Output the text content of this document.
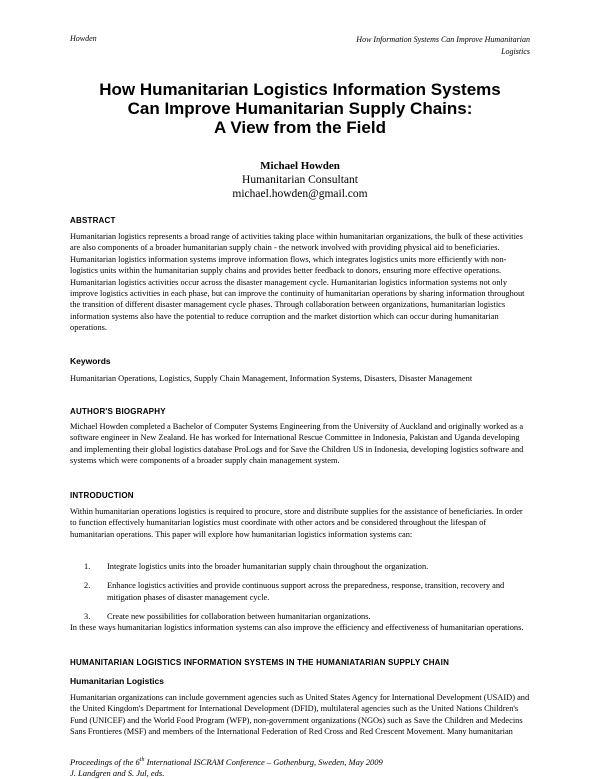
Howden	How Information Systems Can Improve Humanitarian
Logistics
How Humanitarian Logistics Information Systems
Can Improve Humanitarian Supply Chains:
A View from the Field
Michael Howden
Humanitarian Consultant
michael.howden@gmail.com
ABSTRACT
Humanitarian logistics represents a broad range of activities taking place within humanitarian organizations, the bulk of these activities are also components of a broader humanitarian supply chain - the network involved with providing physical aid to beneficiaries. Humanitarian logistics information systems improve information flows, which integrates logistics units more efficiently with non-logistics units within the humanitarian supply chains and provides better feedback to donors, ensuring more effective operations. Humanitarian logistics activities occur across the disaster management cycle. Humanitarian logistics information systems not only improve logistics activities in each phase, but can improve the continuity of humanitarian operations by sharing information throughout the transition of different disaster management cycle phases. Through collaboration between organizations, humanitarian logistics information systems also have the potential to reduce corruption and the market distortion which can occur during humanitarian operations.
Keywords
Humanitarian Operations, Logistics, Supply Chain Management, Information Systems, Disasters, Disaster Management
AUTHOR'S BIOGRAPHY
Michael Howden completed a Bachelor of Computer Systems Engineering from the University of Auckland and originally worked as a software engineer in New Zealand. He has worked for International Rescue Committee in Indonesia, Pakistan and Uganda developing and implementing their global logistics database ProLogs and for Save the Children US in Indonesia, developing logistics software and systems which were components of a broader supply chain management system.
INTRODUCTION
Within humanitarian operations logistics is required to procure, store and distribute supplies for the assistance of beneficiaries. In order to function effectively humanitarian logistics must coordinate with other actors and be considered throughout the lifespan of humanitarian operations. This paper will explore how humanitarian logistics information systems can:
1. Integrate logistics units into the broader humanitarian supply chain throughout the organization.
2. Enhance logistics activities and provide continuous support across the preparedness, response, transition, recovery and mitigation phases of disaster management cycle.
3. Create new possibilities for collaboration between humanitarian organizations.
In these ways humanitarian logistics information systems can also improve the efficiency and effectiveness of humanitarian operations.
HUMANITARIAN LOGISTICS INFORMATION SYSTEMS IN THE HUMANIATARIAN SUPPLY CHAIN
Humanitarian Logistics
Humanitarian organizations can include government agencies such as United States Agency for International Development (USAID) and the United Kingdom's Department for International Development (DFID), multilateral agencies such as the United Nations Children's Fund (UNICEF) and the World Food Program (WFP), non-government organizations (NGOs) such as Save the Children and Medecins Sans Frontieres (MSF) and members of the International Federation of Red Cross and Red Crescent Movement. Many humanitarian
Proceedings of the 6th International ISCRAM Conference – Gothenburg, Sweden, May 2009
J. Landgren and S. Jul, eds.
